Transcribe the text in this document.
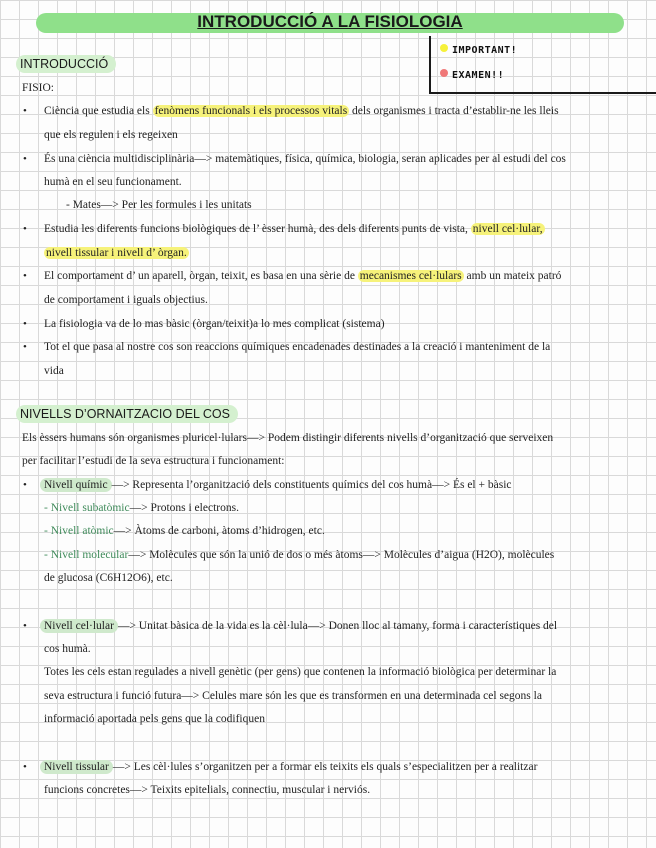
INTRODUCCIÓ A LA FISIOLOGIA
IMPORTANT!
EXAMEN!!
INTRODUCCIÓ
FISIO:
• Ciència que estudia els fenòmens funcionals i els processos vitals dels organismes i tracta d’establir-ne les lleis
que els regulen i els regeixen
• És una ciència multidisciplinària—> matemàtiques, física, química, biologia, seran aplicades per al estudi del cos
humà en el seu funcionament.
- Mates—> Per les formules i les unitats
• Estudia les diferents funcions biològiques de l’ èsser humà, des dels diferents punts de vista, nivell cel·lular,
nivell tissular i nivell d’ òrgan.
• El comportament d’ un aparell, òrgan, teixit, es basa en una sèrie de mecanismes cel·lulars amb un mateix patró
de comportament i iguals objectius.
• La fisiologia va de lo mas bàsic (òrgan/teixit)a lo mes complicat (sistema)
• Tot el que pasa al nostre cos son reaccions químiques encadenades destinades a la creació i manteniment de la
vida
NIVELLS D’ORNAITZACIO DEL COS
Els èssers humans són organismes pluricel·lulars—> Podem distingir diferents nivells d’organització que serveixen
per facilitar l’estudi de la seva estructura i funcionament:
•	Nivell químic —> Representa l’organització dels constituents químics del cos humà—> És el + bàsic
- Nivell subatòmic—> Protons i electrons.
- Nivell atòmic—> Àtoms de carboni, àtoms d’hidrogen, etc.
- Nivell molecular—> Molècules que són la unió de dos o més àtoms—> Molècules d’aigua (H2O), molècules
de glucosa (C6H12O6), etc.
•	Nivell cel·lular —> Unitat bàsica de la vida es la cèl·lula—> Donen lloc al tamany, forma i característiques del
cos humà.
Totes les cels estan regulades a nivell genètic (per gens) que contenen la informació biològica per determinar la
seva estructura i funció futura—> Celules mare són les que es transformen en una determinada cel segons la
informació aportada pels gens que la codifiquen
•	Nivell tissular —> Les cèl·lules s’organitzen per a formar els teixits els quals s’especialitzen per a realitzar
funcions concretes—> Teixits epitelials, connectiu, muscular i nerviós.
